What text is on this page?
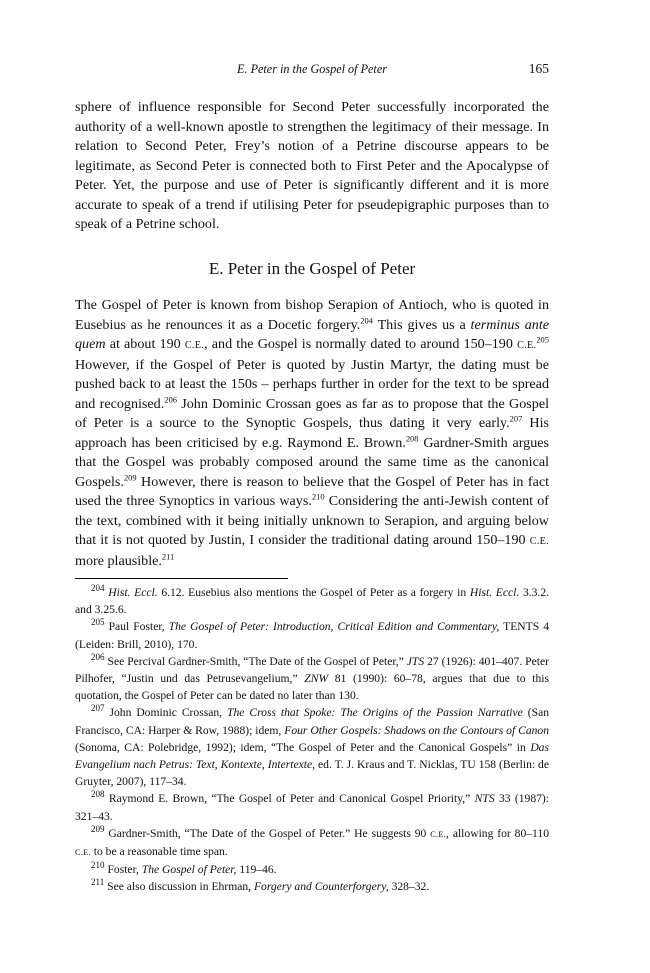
E. Peter in the Gospel of Peter	165

sphere of influence responsible for Second Peter successfully incorporated the authority of a well-known apostle to strengthen the legitimacy of their message. In relation to Second Peter, Frey’s notion of a Petrine discourse appears to be legitimate, as Second Peter is connected both to First Peter and the Apocalypse of Peter. Yet, the purpose and use of Peter is significantly different and it is more accurate to speak of a trend if utilising Peter for pseudepigraphic purposes than to speak of a Petrine school.

E. Peter in the Gospel of Peter

The Gospel of Peter is known from bishop Serapion of Antioch, who is quoted in Eusebius as he renounces it as a Docetic forgery.$^{204}$ This gives us a terminus ante quem at about 190 C.E., and the Gospel is normally dated to around 150–190 C.E.$^{205}$ However, if the Gospel of Peter is quoted by Justin Martyr, the dating must be pushed back to at least the 150s – perhaps further in order for the text to be spread and recognised.$^{206}$ John Dominic Crossan goes as far as to propose that the Gospel of Peter is a source to the Synoptic Gospels, thus dating it very early.$^{207}$ His approach has been criticised by e.g. Raymond E. Brown.$^{208}$ Gardner-Smith argues that the Gospel was probably composed around the same time as the canonical Gospels.$^{209}$ However, there is reason to believe that the Gospel of Peter has in fact used the three Synoptics in various ways.$^{210}$ Considering the anti-Jewish content of the text, combined with it being initially unknown to Serapion, and arguing below that it is not quoted by Justin, I consider the traditional dating around 150–190 C.E. more plausible.$^{211}$

$^{204}$ Hist. Eccl. 6.12. Eusebius also mentions the Gospel of Peter as a forgery in Hist. Eccl. 3.3.2. and 3.25.6.

$^{205}$ Paul Foster, The Gospel of Peter: Introduction, Critical Edition and Commentary, TENTS 4 (Leiden: Brill, 2010), 170.

$^{206}$ See Percival Gardner-Smith, “The Date of the Gospel of Peter,” JTS 27 (1926): 401–407. Peter Pilhofer, “Justin und das Petrusevangelium,” ZNW 81 (1990): 60–78, argues that due to this quotation, the Gospel of Peter can be dated no later than 130.

$^{207}$ John Dominic Crossan, The Cross that Spoke: The Origins of the Passion Narrative (San Francisco, CA: Harper & Row, 1988); idem, Four Other Gospels: Shadows on the Contours of Canon (Sonoma, CA: Polebridge, 1992); idem, “The Gospel of Peter and the Canonical Gospels” in Das Evangelium nach Petrus: Text, Kontexte, Intertexte, ed. T. J. Kraus and T. Nicklas, TU 158 (Berlin: de Gruyter, 2007), 117–34.

$^{208}$ Raymond E. Brown, “The Gospel of Peter and Canonical Gospel Priority,” NTS 33 (1987): 321–43.

$^{209}$ Gardner-Smith, “The Date of the Gospel of Peter.” He suggests 90 C.E., allowing for 80–110 C.E. to be a reasonable time span.

$^{210}$ Foster, The Gospel of Peter, 119–46.

$^{211}$ See also discussion in Ehrman, Forgery and Counterforgery, 328–32.
